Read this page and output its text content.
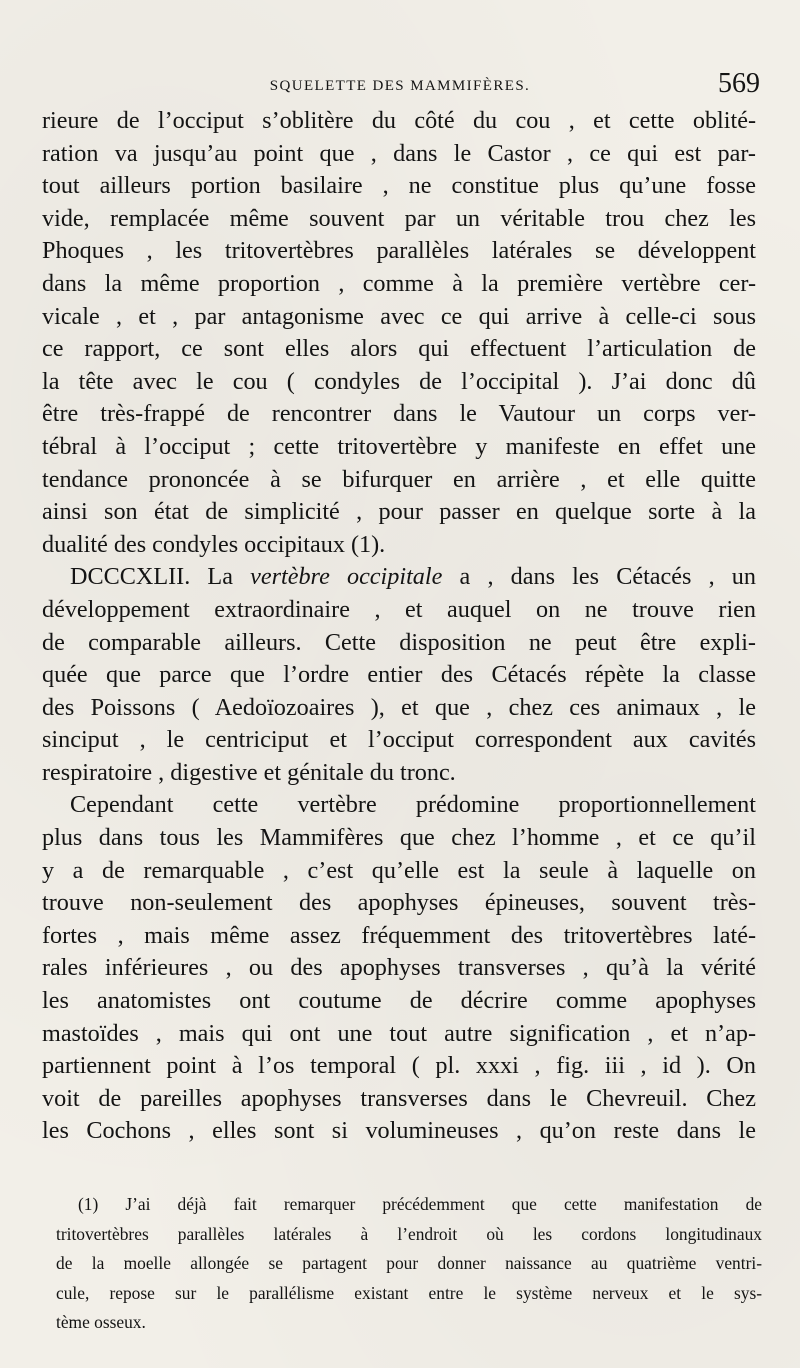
SQUELETTE DES MAMMIFÈRES.	569
rieure de l’occiput s’oblitère du côté du cou , et cette oblité-
ration va jusqu’au point que , dans le Castor , ce qui est par-
tout ailleurs portion basilaire , ne constitue plus qu’une fosse
vide, remplacée même souvent par un véritable trou chez les
Phoques , les tritovertèbres parallèles latérales se développent
dans la même proportion , comme à la première vertèbre cer-
vicale , et , par antagonisme avec ce qui arrive à celle-ci sous
ce rapport, ce sont elles alors qui effectuent l’articulation de
la tête avec le cou ( condyles de l’occipital ). J’ai donc dû
être très-frappé de rencontrer dans le Vautour un corps ver-
tébral à l’occiput ; cette tritovertèbre y manifeste en effet une
tendance prononcée à se bifurquer en arrière , et elle quitte
ainsi son état de simplicité , pour passer en quelque sorte à la
dualité des condyles occipitaux (1).
DCCCXLII. La vertèbre occipitale a , dans les Cétacés , un
développement extraordinaire , et auquel on ne trouve rien
de comparable ailleurs. Cette disposition ne peut être expli-
quée que parce que l’ordre entier des Cétacés répète la classe
des Poissons ( Aedoïozoaires ), et que , chez ces animaux , le
sinciput , le centriciput et l’occiput correspondent aux cavités
respiratoire , digestive et génitale du tronc.
Cependant cette vertèbre prédomine proportionnellement
plus dans tous les Mammifères que chez l’homme , et ce qu’il
y a de remarquable , c’est qu’elle est la seule à laquelle on
trouve non-seulement des apophyses épineuses, souvent très-
fortes , mais même assez fréquemment des tritovertèbres laté-
rales inférieures , ou des apophyses transverses , qu’à la vérité
les anatomistes ont coutume de décrire comme apophyses
mastoïdes , mais qui ont une tout autre signification , et n’ap-
partiennent point à l’os temporal ( pl. xxxi , fig. iii , id ). On
voit de pareilles apophyses transverses dans le Chevreuil. Chez
les Cochons , elles sont si volumineuses , qu’on reste dans le
(1) J’ai déjà fait remarquer précédemment que cette manifestation de
tritovertèbres parallèles latérales à l’endroit où les cordons longitudinaux
de la moelle allongée se partagent pour donner naissance au quatrième ventri-
cule, repose sur le parallélisme existant entre le système nerveux et le sys-
tème osseux.
